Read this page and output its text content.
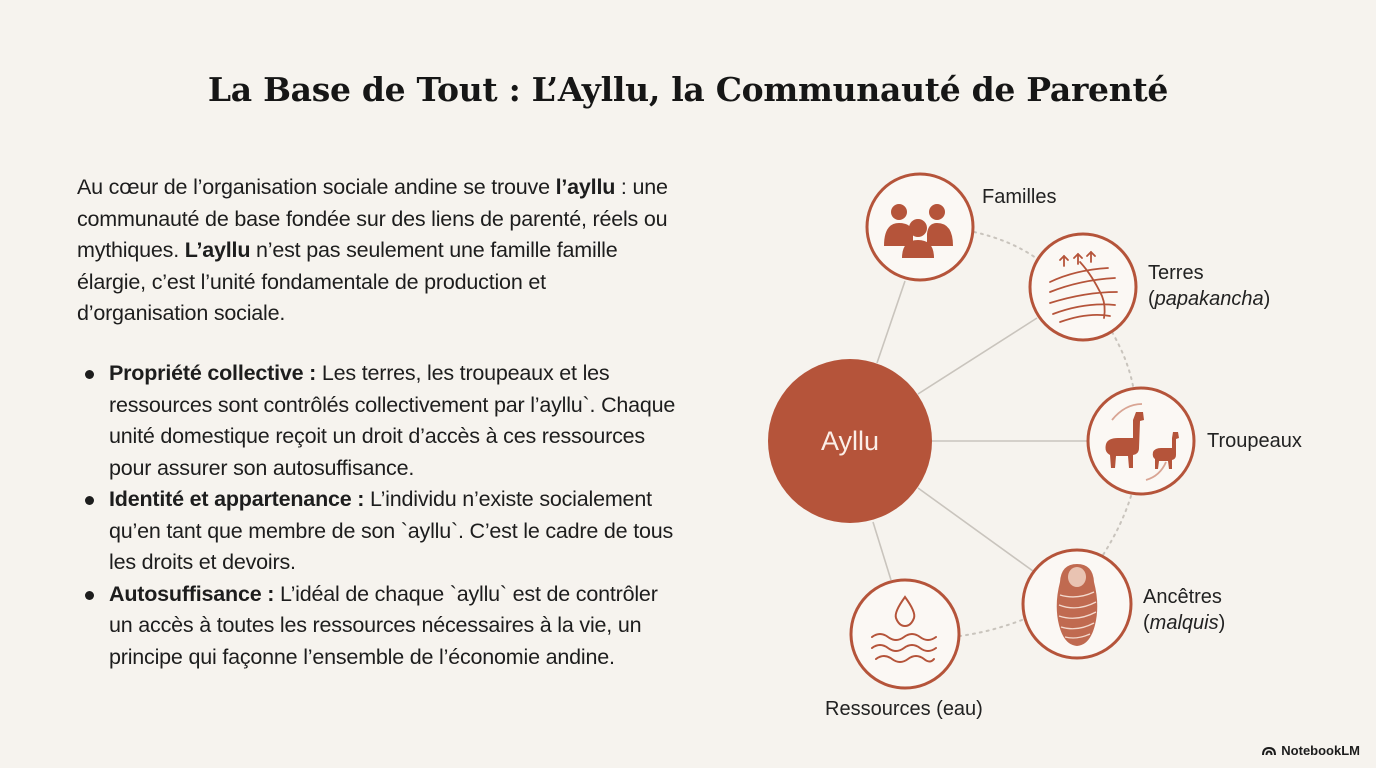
La Base de Tout : L’Ayllu, la Communauté de Parenté

Au cœur de l’organisation sociale andine se trouve l’ayllu : une communauté de base fondée sur des liens de parenté, réels ou mythiques. L’ayllu n’est pas seulement une famille famille élargie, c’est l’unité fondamentale de production et d’organisation sociale.

Propriété collective : Les terres, les troupeaux et les ressources sont contrôlés collectivement par l’ayllu`. Chaque unité domestique reçoit un droit d’accès à ces ressources pour assurer son autosuffisance.
Identité et appartenance : L’individu n’existe socialement qu’en tant que membre de son `ayllu`. C’est le cadre de tous les droits et devoirs.
Autosuffisance : L’idéal de chaque `ayllu` est de contrôler un accès à toutes les ressources nécessaires à la vie, un principe qui façonne l’ensemble de l’économie andine.
Ayllu

Familles

Terres
(papakancha)

Troupeaux

Ancêtres
(malquis)

Ressources (eau)

NotebookLM
